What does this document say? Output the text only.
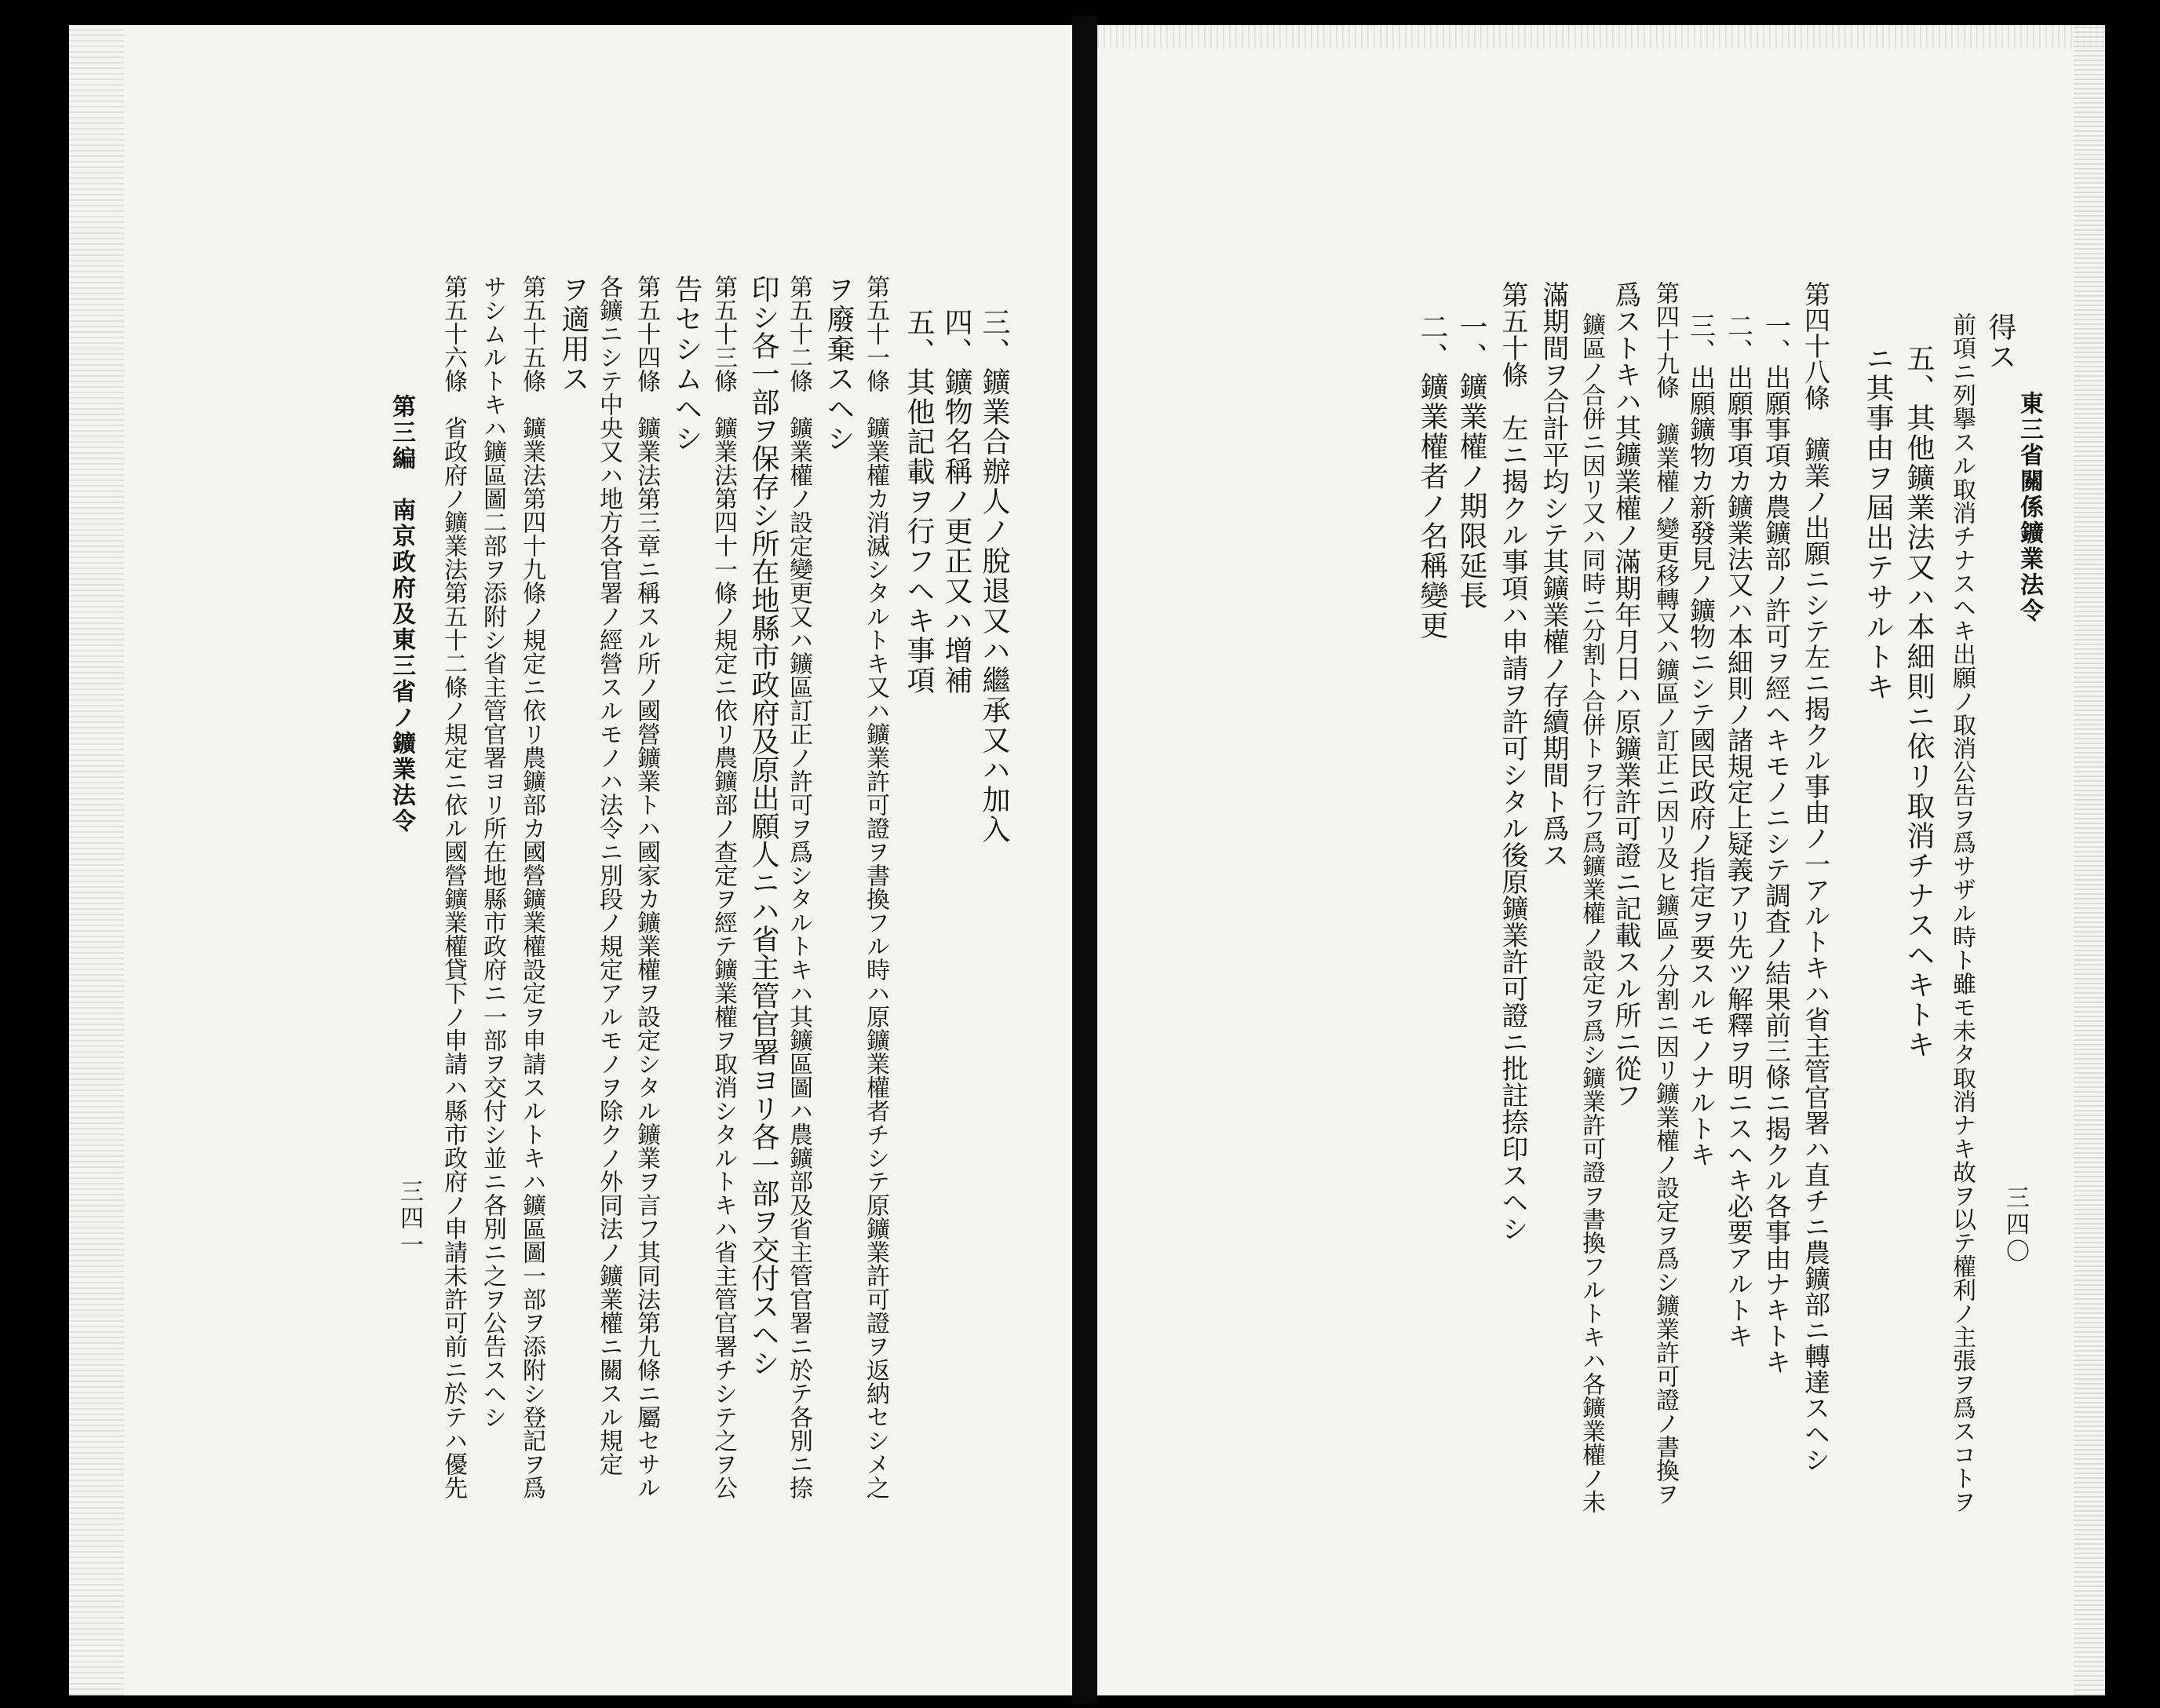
東三省關係鑛業法令
三四〇
ニ其事由ヲ屆出テサルトキ 五、其他鑛業法又ハ本細則ニ依リ取消チナスヘキトキ 前項ニ列擧スル取消チナスヘキ出願ノ取消公告ヲ爲サザル時ト雖モ未タ取消ナキ故ヲ以テ權利ノ主張ヲ爲スコトヲ 得ス
第四十八條　鑛業ノ出願ニシテ左ニ揭クル事由ノ一アルトキハ省主管官署ハ直チニ農鑛部ニ轉達スヘシ
一、出願事項カ農鑛部ノ許可ヲ經ヘキモノニシテ調査ノ結果前三條ニ揭クル各事由ナキトキ
二、出願事項カ鑛業法又ハ本細則ノ諸規定上疑義アリ先ツ解釋ヲ明ニスヘキ必要アルトキ
三、出願鑛物カ新發見ノ鑛物ニシテ國民政府ノ指定ヲ要スルモノナルトキ
第四十九條　鑛業權ノ變更移轉又ハ鑛區ノ訂正ニ因リ及ヒ鑛區ノ分割ニ因リ鑛業權ノ設定ヲ爲シ鑛業許可證ノ書換ヲ
爲ストキハ其鑛業權ノ滿期年月日ハ原鑛業許可證ニ記載スル所ニ從フ
鑛區ノ合併ニ因リ又ハ同時ニ分割ト合併トヲ行フ爲鑛業權ノ設定ヲ爲シ鑛業許可證ヲ書換フルトキハ各鑛業權ノ未
滿期間ヲ合計平均シテ其鑛業權ノ存續期間ト爲ス
第五十條　左ニ揭クル事項ハ申請ヲ許可シタル後原鑛業許可證ニ批註捺印スヘシ
一、鑛業權ノ期限延長
二、鑛業權者ノ名稱變更
三、鑛業合辦人ノ脫退又ハ繼承又ハ加入
四、鑛物名稱ノ更正又ハ增補
五、其他記載ヲ行フヘキ事項
第五十一條　鑛業權カ消滅シタルトキ又ハ鑛業許可證ヲ書換フル時ハ原鑛業權者チシテ原鑛業許可證ヲ返納セシメ之
ヲ廢棄スヘシ
第五十二條　鑛業權ノ設定變更又ハ鑛區訂正ノ許可ヲ爲シタルトキハ其鑛區圖ハ農鑛部及省主管官署ニ於テ各別ニ捺
印シ各一部ヲ保存シ所在地縣市政府及原出願人ニハ省主管官署ヨリ各一部ヲ交付スヘシ
第五十三條　鑛業法第四十一條ノ規定ニ依リ農鑛部ノ查定ヲ經テ鑛業權ヲ取消シタルトキハ省主管官署チシテ之ヲ公
告セシムヘシ
第五十四條　鑛業法第三章ニ稱スル所ノ國營鑛業トハ國家カ鑛業權ヲ設定シタル鑛業ヲ言フ其同法第九條ニ屬セサル
各鑛ニシテ中央又ハ地方各官署ノ經營スルモノハ法令ニ別段ノ規定アルモノヲ除クノ外同法ノ鑛業權ニ關スル規定
ヲ適用ス
第五十五條　鑛業法第四十九條ノ規定ニ依リ農鑛部カ國營鑛業權設定ヲ申請スルトキハ鑛區圖一部ヲ添附シ登記ヲ爲
サシムルトキハ鑛區圖二部ヲ添附シ省主管官署ヨリ所在地縣市政府ニ一部ヲ交付シ並ニ各別ニ之ヲ公告スヘシ
第五十六條　省政府ノ鑛業法第五十二條ノ規定ニ依ル國營鑛業權貸下ノ申請ハ縣市政府ノ申請未許可前ニ於テハ優先
第三編　南京政府及東三省ノ鑛業法令
三四一
